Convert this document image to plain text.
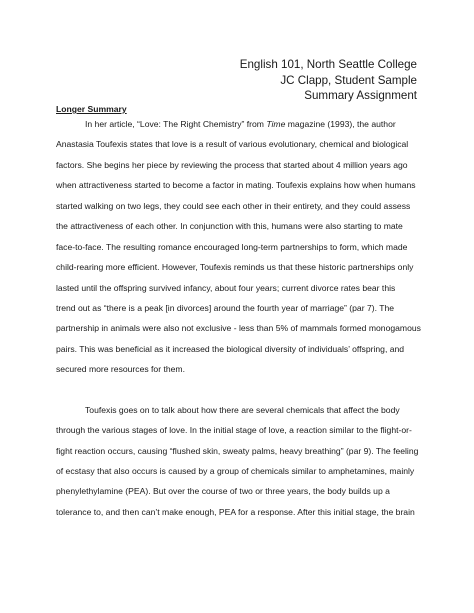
English 101, North Seattle College
JC Clapp, Student Sample
Summary Assignment
Longer Summary
In her article, “Love: The Right Chemistry” from Time magazine (1993), the author
Anastasia Toufexis states that love is a result of various evolutionary, chemical and biological
factors. She begins her piece by reviewing the process that started about 4 million years ago
when attractiveness started to become a factor in mating. Toufexis explains how when humans
started walking on two legs, they could see each other in their entirety, and they could assess
the attractiveness of each other. In conjunction with this, humans were also starting to mate
face-to-face. The resulting romance encouraged long-term partnerships to form, which made
child-rearing more efficient. However, Toufexis reminds us that these historic partnerships only
lasted until the offspring survived infancy, about four years; current divorce rates bear this
trend out as “there is a peak [in divorces] around the fourth year of marriage” (par 7). The
partnership in animals were also not exclusive - less than 5% of mammals formed monogamous
pairs. This was beneficial as it increased the biological diversity of individuals’ offspring, and
secured more resources for them.
Toufexis goes on to talk about how there are several chemicals that affect the body
through the various stages of love. In the initial stage of love, a reaction similar to the flight-or-
fight reaction occurs, causing “flushed skin, sweaty palms, heavy breathing” (par 9). The feeling
of ecstasy that also occurs is caused by a group of chemicals similar to amphetamines, mainly
phenylethylamine (PEA). But over the course of two or three years, the body builds up a
tolerance to, and then can’t make enough, PEA for a response. After this initial stage, the brain
